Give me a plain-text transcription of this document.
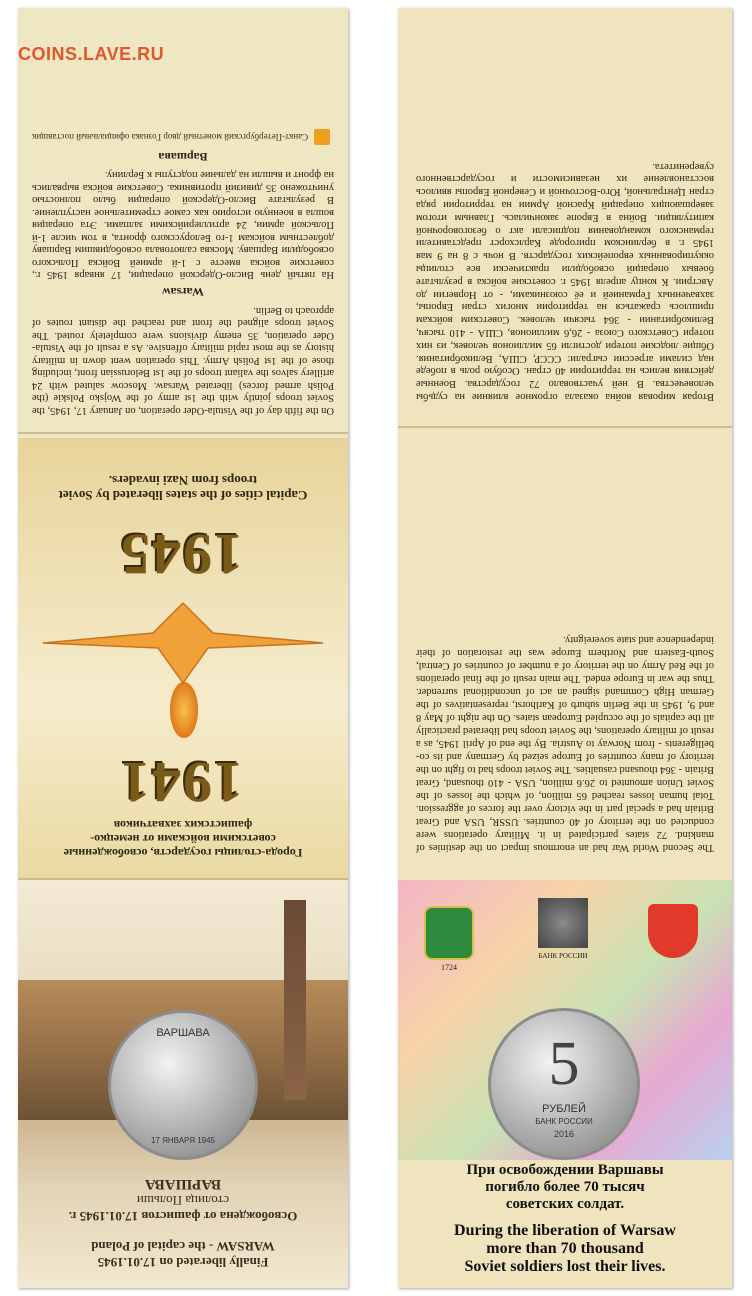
On the fifth day of the Vistula-Oder operation, on January 17, 1945, the Soviet troops jointly with the 1st army of the Wojsko Polskie (the Polish armed forces) liberated Warsaw. Moscow saluted with 24 artillery salvos the valiant troops of the 1st Belorussian front, including those of the 1st Polish Army. This operation went down in military history as the most rapid military offensive. As a result of the Vistula-Oder operation, 35 enemy divisions were completely routed. The Soviet troops aligned the front and reached the distant routes of approach to Berlin.
Warsaw
На пятый день Висло-Одерской операции, 17 января 1945 г., советские войска вместе с 1-й армией Войска Польского освободили Варшаву. Москва салютовала освободившим Варшаву доблестным войскам 1-го Белорусского фронта, в том числе 1-й Польской армии, 24 артиллерийскими залпами. Эта операция вошла в военную историю как самое стремительное наступление. В результате Висло-Одерской операции было полностью уничтожено 35 дивизий противника. Советские войска вырвались на фронт и вышли на дальние подступы к Берлину.
Варшава
Санкт-Петербургский монетный двор Гознака официальный поставщик
Города-столицы государств, освобожденные советскими войсками от немецко-фашистских захватчиков
1941
1945
Capital cities of the states liberated by Soviet troops from Nazi invaders.
ВАРШАВА
17 ЯНВАРЯ 1945
Освобождена от фашистов 17.01.1945 г.
столица Польши
ВАРШАВА
Finally liberated on 17.01.1945
WARSAW - the capital of Poland
Вторая мировая война оказала огромное влияние на судьбы человечества. В ней участвовало 72 государства. Военные действия велись на территории 40 стран. Особую роль в победе над силами агрессии сыграли: СССР, США, Великобритания. Общие людские потери достигли 65 миллионов человек, из них потери Советского Союза - 26,6 миллионов, США - 410 тысяч, Великобритании - 364 тысячи человек. Советским войскам пришлось сражаться на территории многих стран Европы, захваченных Германией и её союзниками, - от Норвегии до Австрии. К концу апреля 1945 г. советские войска в результате боевых операций освободили практически все столицы оккупированных европейских государств. В ночь с 8 на 9 мая 1945 г. в берлинском пригороде Карлсхорст представители германского командования подписали акт о безоговорочной капитуляции. Война в Европе закончилась. Главным итогом завершающих операций Красной Армии на территории ряда стран Центральной, Юго-Восточной и Северной Европы явилось восстановление их независимости и государственного суверенитета.
The Second World War had an enormous impact on the destinies of mankind. 72 states participated in it. Military operations were conducted on the territory of 40 countries. USSR, USA and Great Britain had a special part in the victory over the forces of aggression. Total human losses reached 65 million, of which the losses of the Soviet Union amounted to 26.6 million, USA - 410 thousand, Great Britain - 364 thousand casualties. The Soviet troops had to fight on the territory of many countries of Europe seized by Germany and its co-belligerents - from Norway to Austria. By the end of April 1945, as a result of military operations, the Soviet troops had liberated practically all the capitals of the occupied European states. On the night of May 8 and 9, 1945 in the Berlin suburb of Karlhorst, representatives of the German High Command signed an act of unconditional surrender. Thus the war in Europe ended. The main result of the final operations of the Red Army on the territory of a number of countries of Central, South-Eastern and Northern Europe was the restoration of their independence and state sovereignty.
1724
БАНК РОССИИ
5
РУБЛЕЙ
БАНК РОССИИ
2016
При освобождении Варшавы
погибло более 70 тысяч
советских солдат.
During the liberation of Warsaw
more than 70 thousand
Soviet soldiers lost their lives.
COINS.LAVE.RU
